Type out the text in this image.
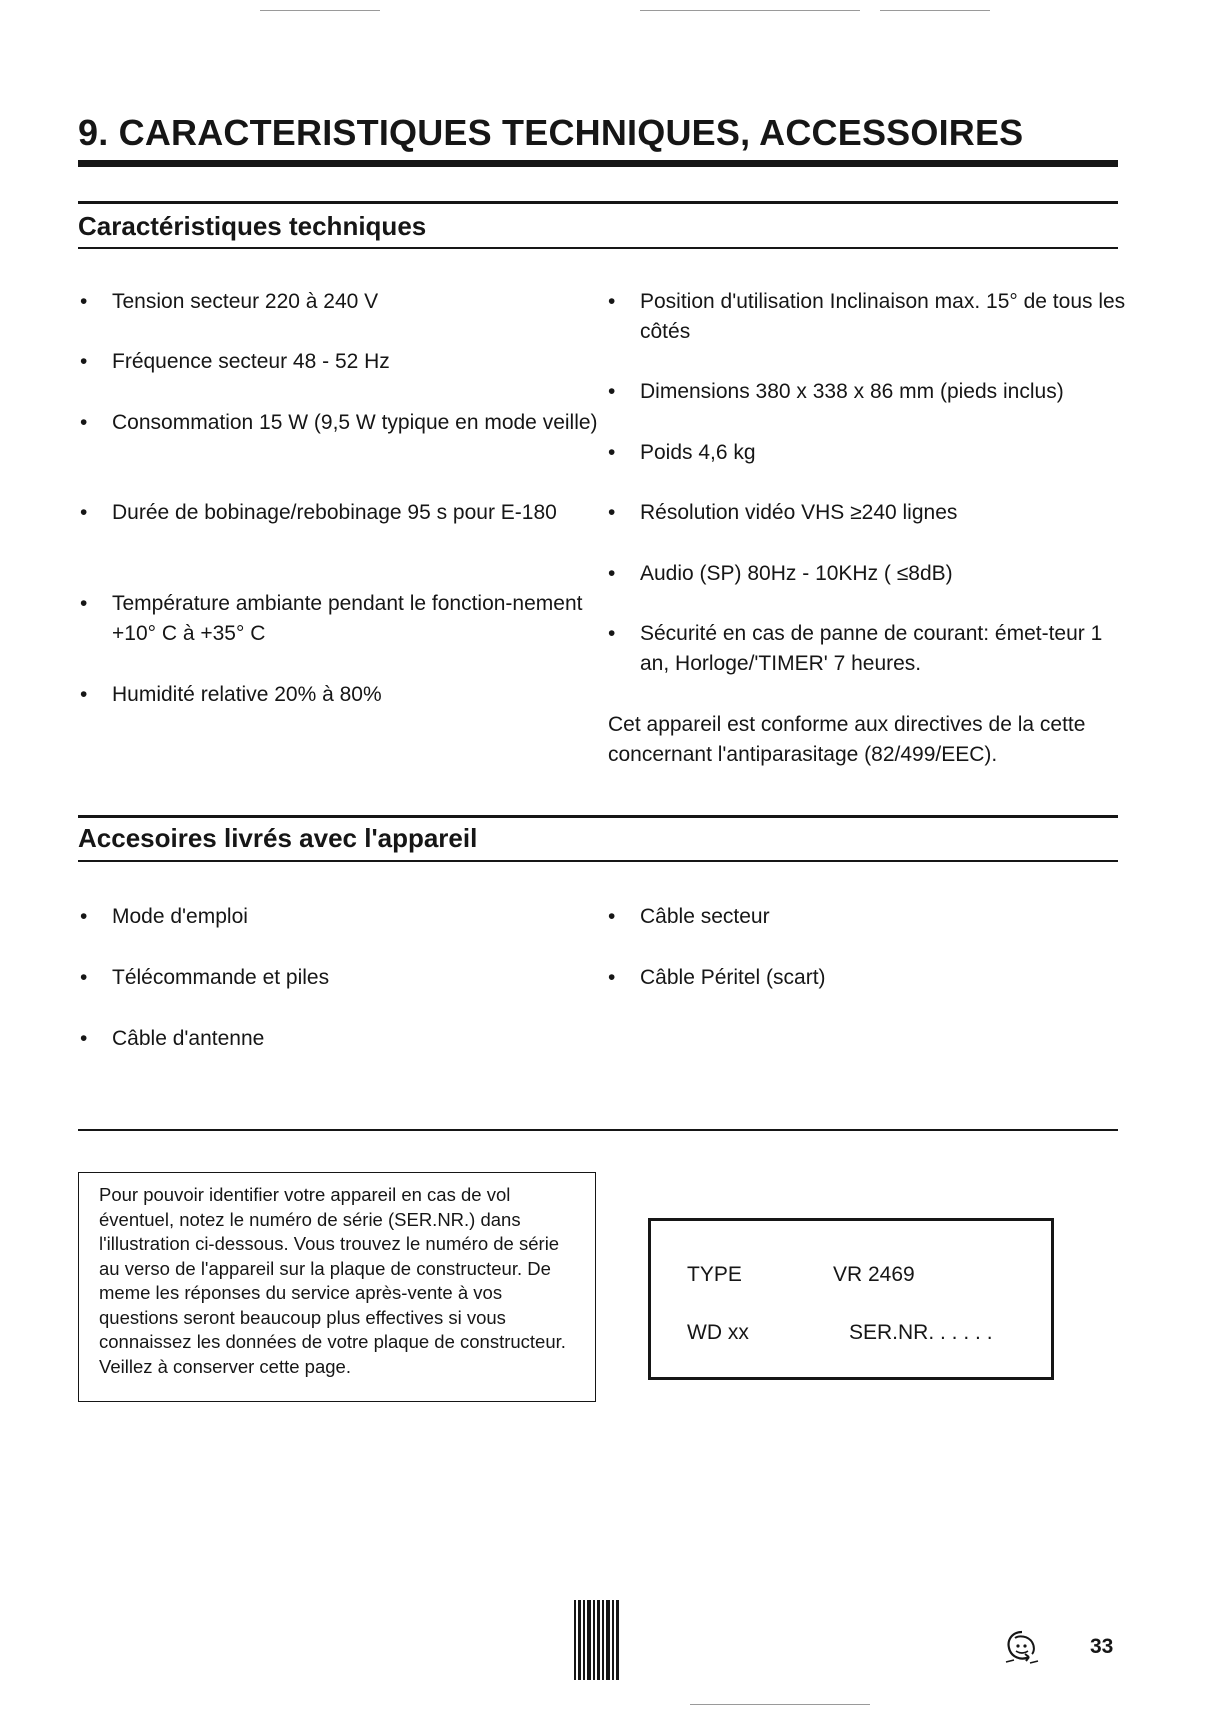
9. CARACTERISTIQUES TECHNIQUES, ACCESSOIRES
Caractéristiques techniques
•	Tension secteur 220 à 240 V
•	Fréquence secteur 48 - 52 Hz
•	Consommation 15 W (9,5 W typique en mode veille)
•	Durée de bobinage/rebobinage 95 s pour E-180
•	Température ambiante pendant le fonction-nement +10° C à +35° C
•	Humidité relative 20% à 80%
•	Position d'utilisation Inclinaison max. 15° de tous les côtés
•	Dimensions 380 x 338 x 86 mm (pieds inclus)
•	Poids 4,6 kg
•	Résolution vidéo VHS ≥240 lignes
•	Audio (SP) 80Hz - 10KHz ( ≤8dB)
•	Sécurité en cas de panne de courant: émet-teur 1 an, Horloge/'TIMER' 7 heures.
Cet appareil est conforme aux directives de la cette concernant l'antiparasitage (82/499/EEC).
Accesoires livrés avec l'appareil
•	Mode d'emploi
•	Télécommande et piles
•	Câble d'antenne
•	Câble secteur
•	Câble Péritel (scart)
Pour pouvoir identifier votre appareil en cas de vol éventuel, notez le numéro de série (SER.NR.) dans l'illustration ci-dessous. Vous trouvez le numéro de série au verso de l'appareil sur la plaque de constructeur. De meme les réponses du service après-vente à vos questions seront beaucoup plus effectives si vous connaissez les données de votre plaque de constructeur. Veillez à conserver cette page.
TYPE	VR 2469
WD xx	SER.NR. . . . . .
33
